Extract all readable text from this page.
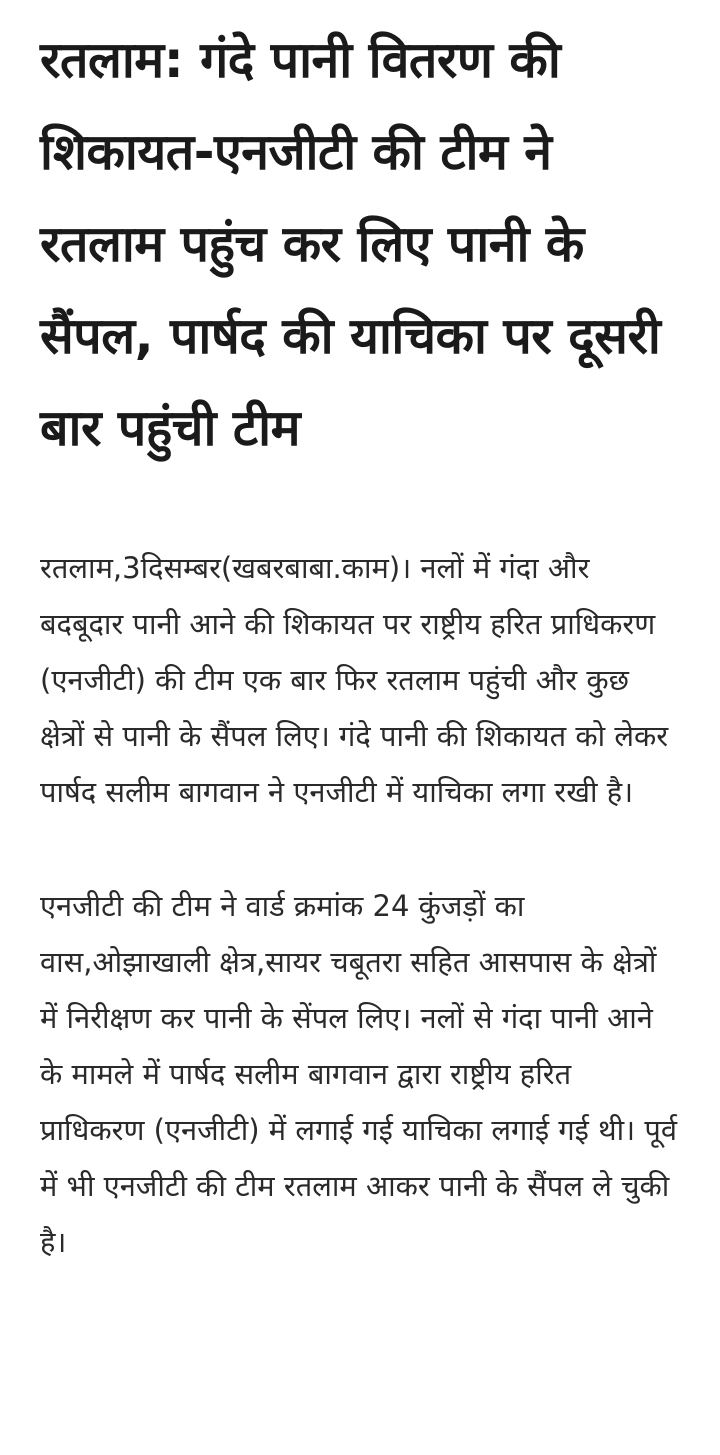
रतलाम: गंदे पानी वितरण की शिकायत-एनजीटी की टीम ने रतलाम पहुंच कर लिए पानी के सैंपल, पार्षद की याचिका पर दूसरी बार पहुंची टीम

रतलाम,3दिसम्बर(खबरबाबा.काम)। नलों में गंदा और बदबूदार पानी आने की शिकायत पर राष्ट्रीय हरित प्राधिकरण (एनजीटी) की टीम एक बार फिर रतलाम पहुंची और कुछ क्षेत्रों से पानी के सैंपल लिए। गंदे पानी की शिकायत को लेकर पार्षद सलीम बागवान ने एनजीटी में याचिका लगा रखी है।

एनजीटी की टीम ने वार्ड क्रमांक 24 कुंजड़ों का वास,ओझाखाली क्षेत्र,सायर चबूतरा सहित आसपास के क्षेत्रों में निरीक्षण कर पानी के सेंपल लिए। नलों से गंदा पानी आने के मामले में पार्षद सलीम बागवान द्वारा राष्ट्रीय हरित प्राधिकरण (एनजीटी) में लगाई गई याचिका लगाई गई थी। पूर्व में भी एनजीटी की टीम रतलाम आकर पानी के सैंपल ले चुकी है।
